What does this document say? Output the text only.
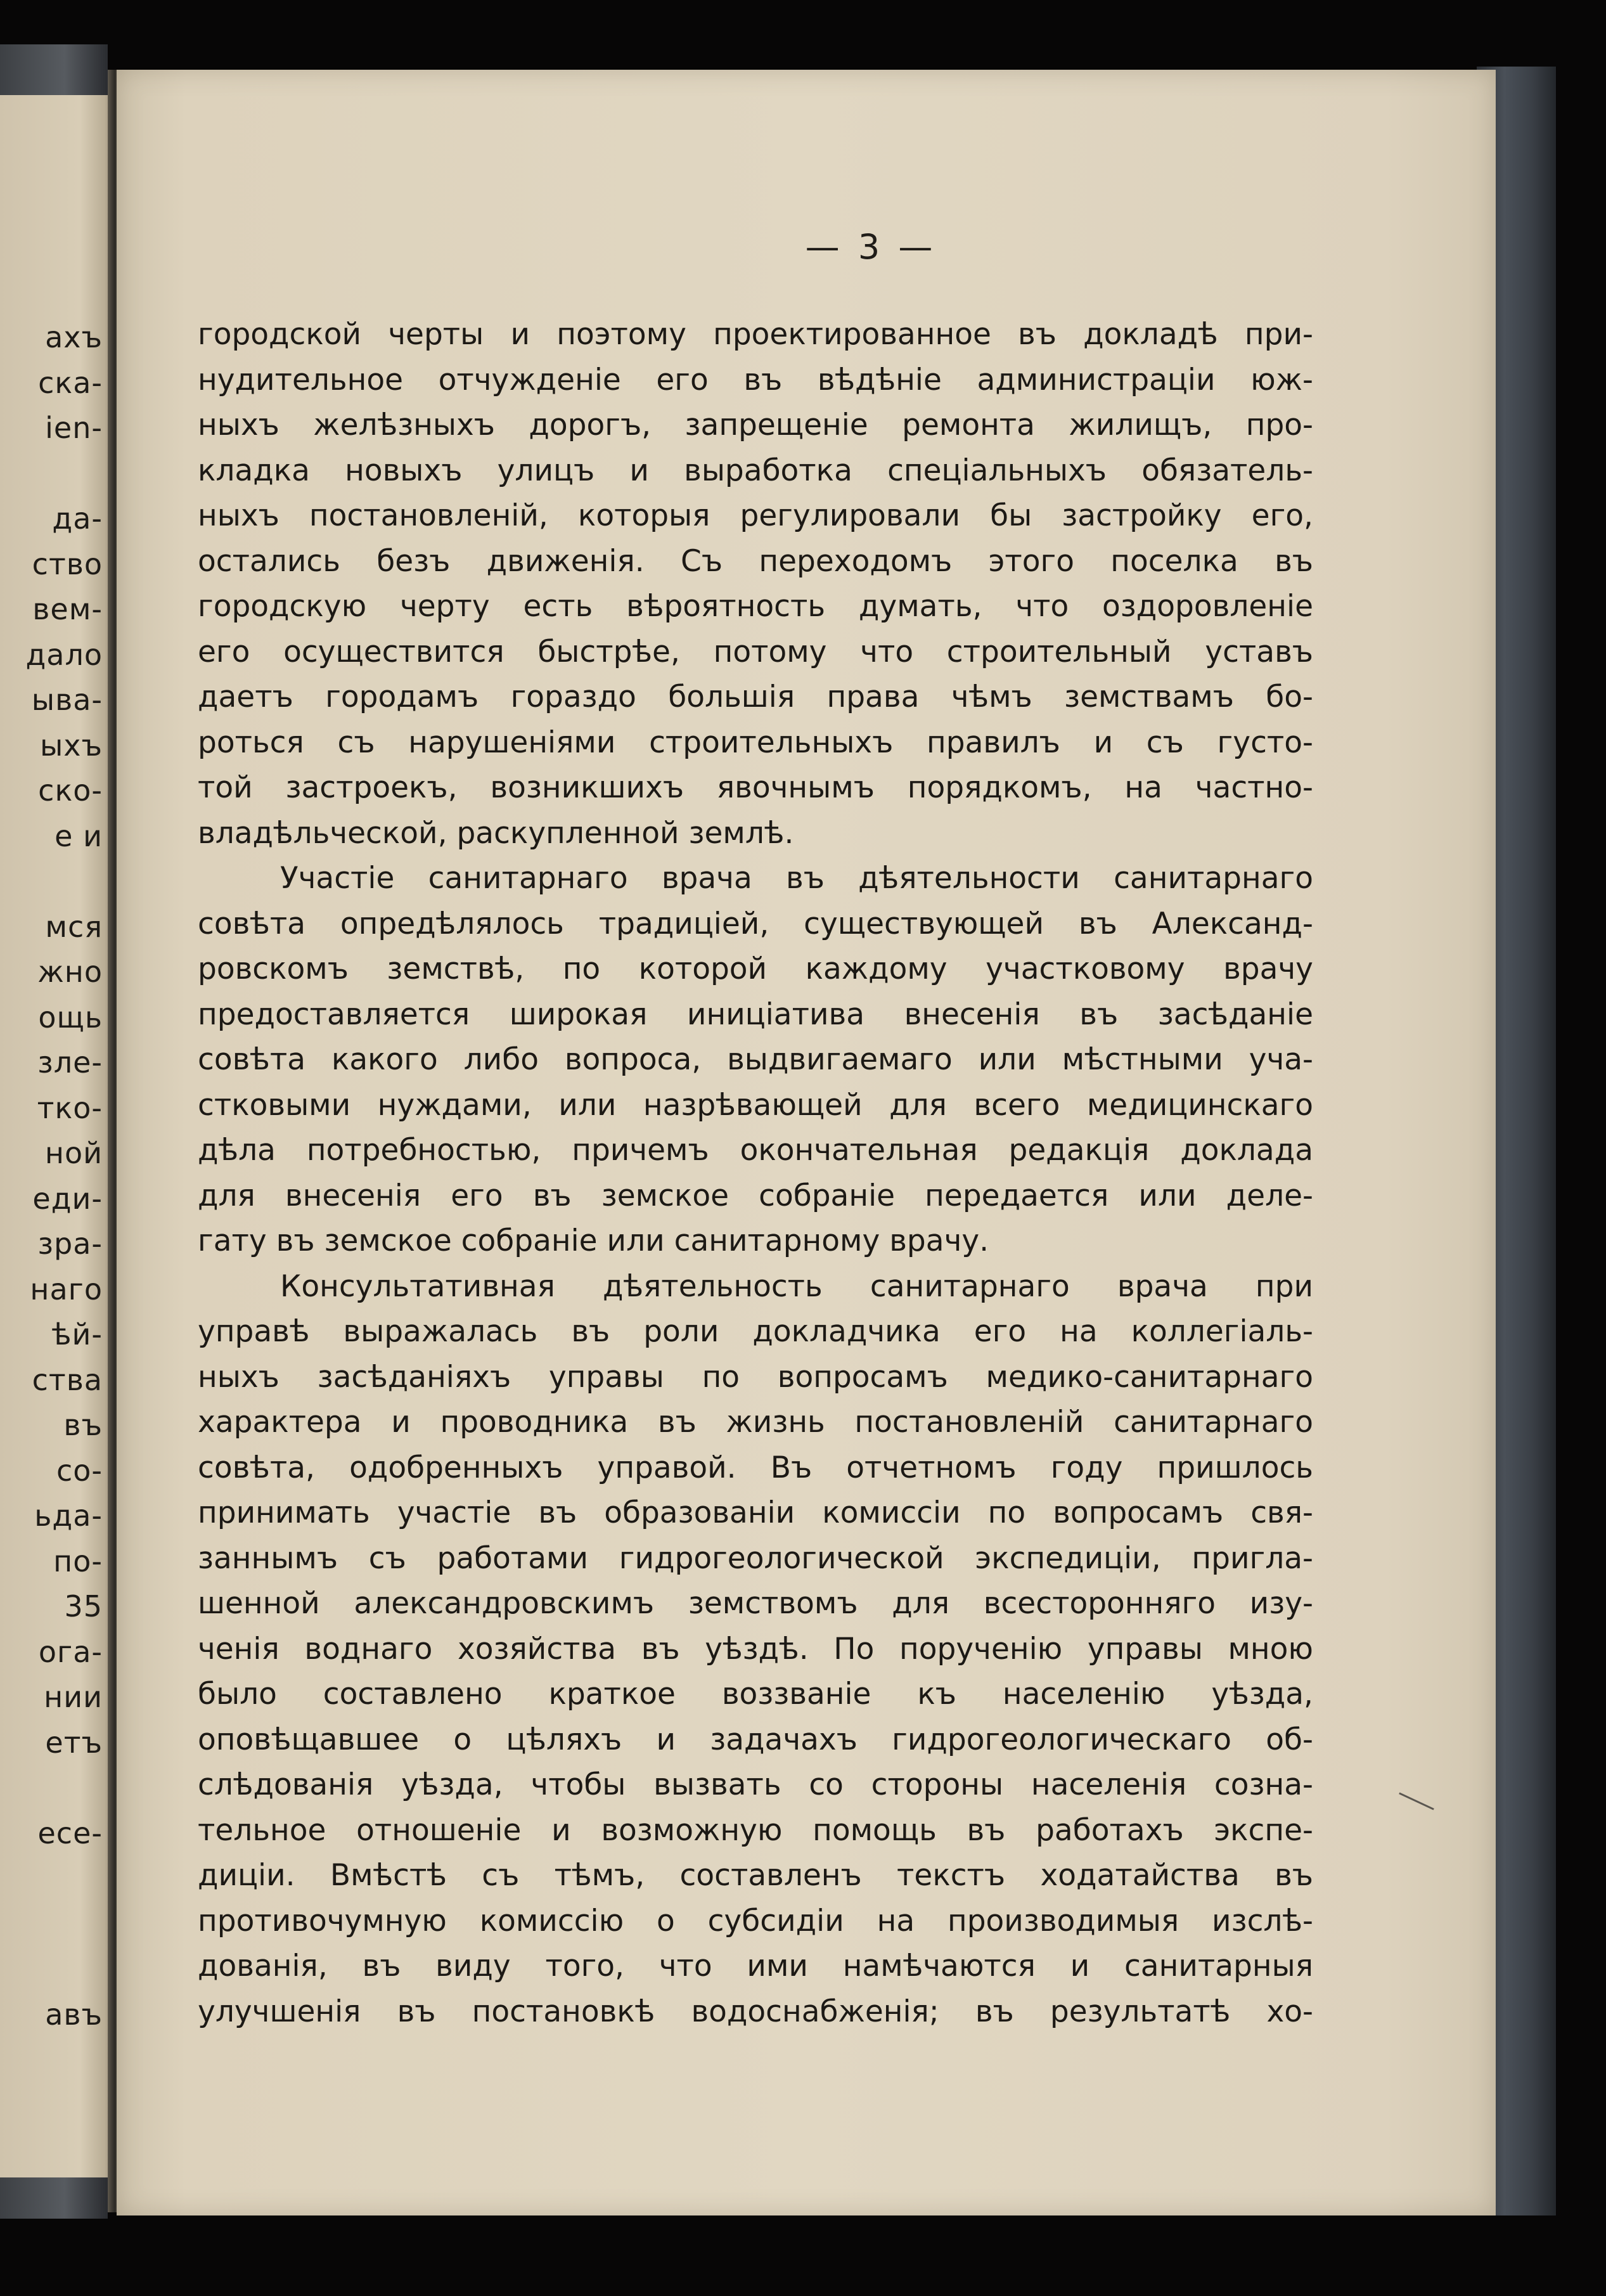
ахъ
ска-
ien-
да-
ство
вем-
дало
ыва-
ыхъ
ско-
е и
мся
жно
ощь
зле-
тко-
ной
еди-
зра-
наго
ѣй-
ства
въ
со-
ьда-
по-
35
ога-
нии
етъ
есе-
авъ
— 3 —
городской черты и поэтому проектированное въ докладѣ при-
нудительное отчужденіе его въ вѣдѣніе администраціи юж-
ныхъ желѣзныхъ дорогъ, запрещеніе ремонта жилищъ, про-
кладка новыхъ улицъ и выработка спеціальныхъ обязатель-
ныхъ постановленій, которыя регулировали бы застройку его,
остались безъ движенія. Съ переходомъ этого поселка въ
городскую черту есть вѣроятность думать, что оздоровленіе
его осуществится быстрѣе, потому что строительный уставъ
даетъ городамъ гораздо большія права чѣмъ земствамъ бо-
роться съ нарушеніями строительныхъ правилъ и съ густо-
той застроекъ, возникшихъ явочнымъ порядкомъ, на частно-
владѣльческой, раскупленной землѣ.
Участіе санитарнаго врача въ дѣятельности санитарнаго
совѣта опредѣлялось традиціей, существующей въ Александ-
ровскомъ земствѣ, по которой каждому участковому врачу
предоставляется широкая иниціатива внесенія въ засѣданіе
совѣта какого либо вопроса, выдвигаемаго или мѣстными уча-
стковыми нуждами, или назрѣвающей для всего медицинскаго
дѣла потребностью, причемъ окончательная редакція доклада
для внесенія его въ земское собраніе передается или деле-
гату въ земское собраніе или санитарному врачу.
Консультативная дѣятельность санитарнаго врача при
управѣ выражалась въ роли докладчика его на коллегіаль-
ныхъ засѣданіяхъ управы по вопросамъ медико-санитарнаго
характера и проводника въ жизнь постановленій санитарнаго
совѣта, одобренныхъ управой. Въ отчетномъ году пришлось
принимать участіе въ образованіи комиссіи по вопросамъ свя-
заннымъ съ работами гидрогеологической экспедиціи, пригла-
шенной александровскимъ земствомъ для всесторонняго изу-
ченія воднаго хозяйства въ уѣздѣ. По порученію управы мною
было составлено краткое воззваніе къ населенію уѣзда,
оповѣщавшее о цѣляхъ и задачахъ гидрогеологическаго об-
слѣдованія уѣзда, чтобы вызвать со стороны населенія созна-
тельное отношеніе и возможную помощь въ работахъ экспе-
диціи. Вмѣстѣ съ тѣмъ, составленъ текстъ ходатайства въ
противочумную комиссію о субсидіи на производимыя изслѣ-
дованія, въ виду того, что ими намѣчаются и санитарныя
улучшенія въ постановкѣ водоснабженія; въ результатѣ хо-
